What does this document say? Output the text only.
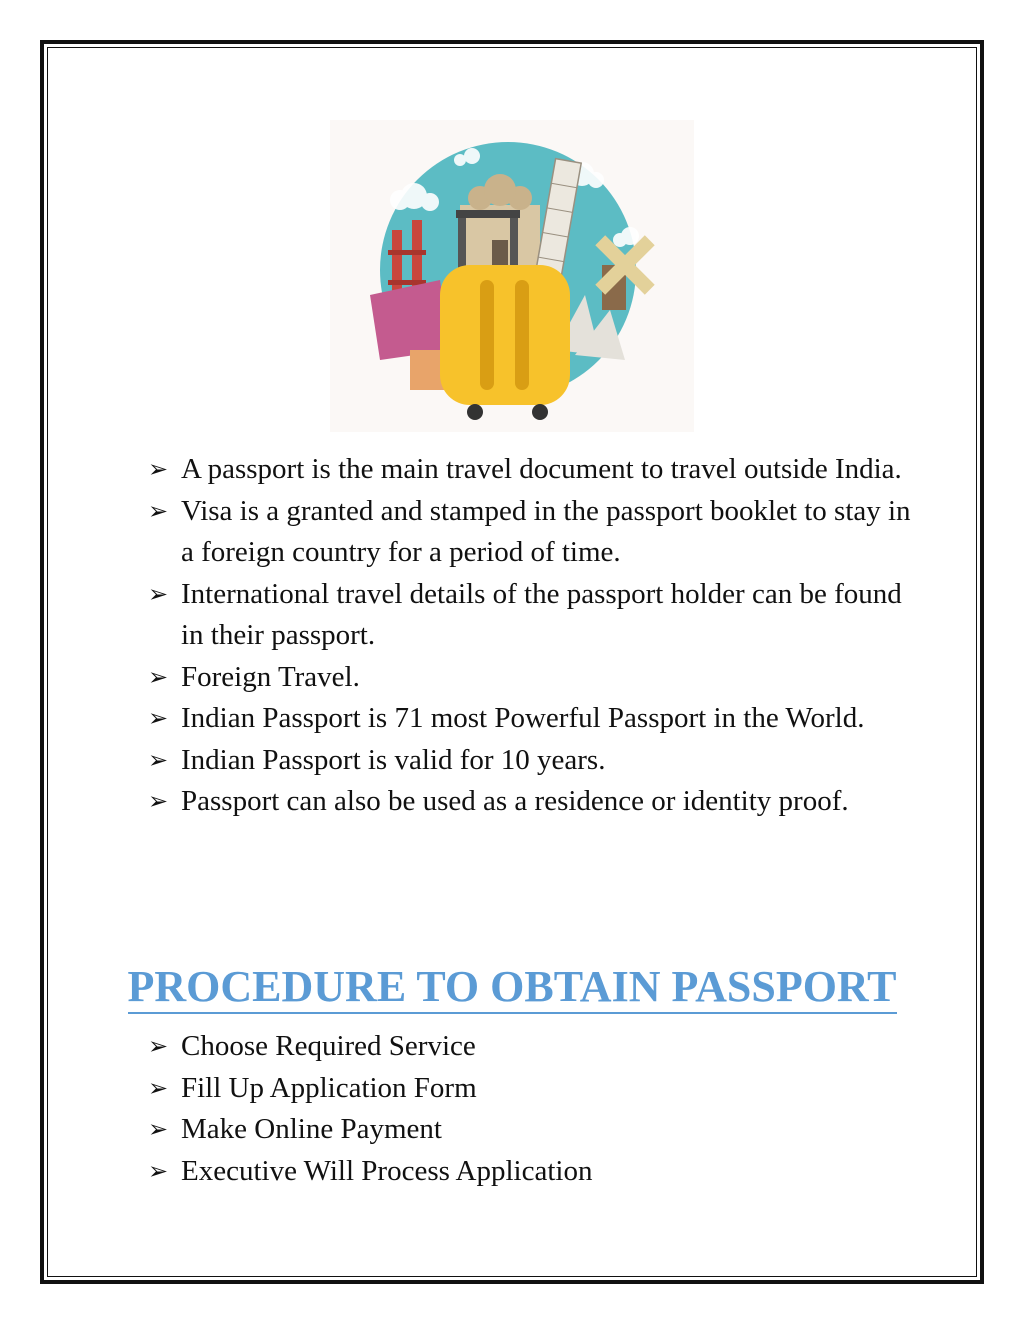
➢ A passport is the main travel document to travel outside India.
➢ Visa is a granted and stamped in the passport booklet to stay in a foreign country for a period of time.
➢ International travel details of the passport holder can be found in their passport.
➢ Foreign Travel.
➢ Indian Passport is 71 most Powerful Passport in the World.
➢ Indian Passport is valid for 10 years.
➢ Passport can also be used as a residence or identity proof.
PROCEDURE TO OBTAIN PASSPORT
➢ Choose Required Service
➢ Fill Up Application Form
➢ Make Online Payment
➢ Executive Will Process Application
